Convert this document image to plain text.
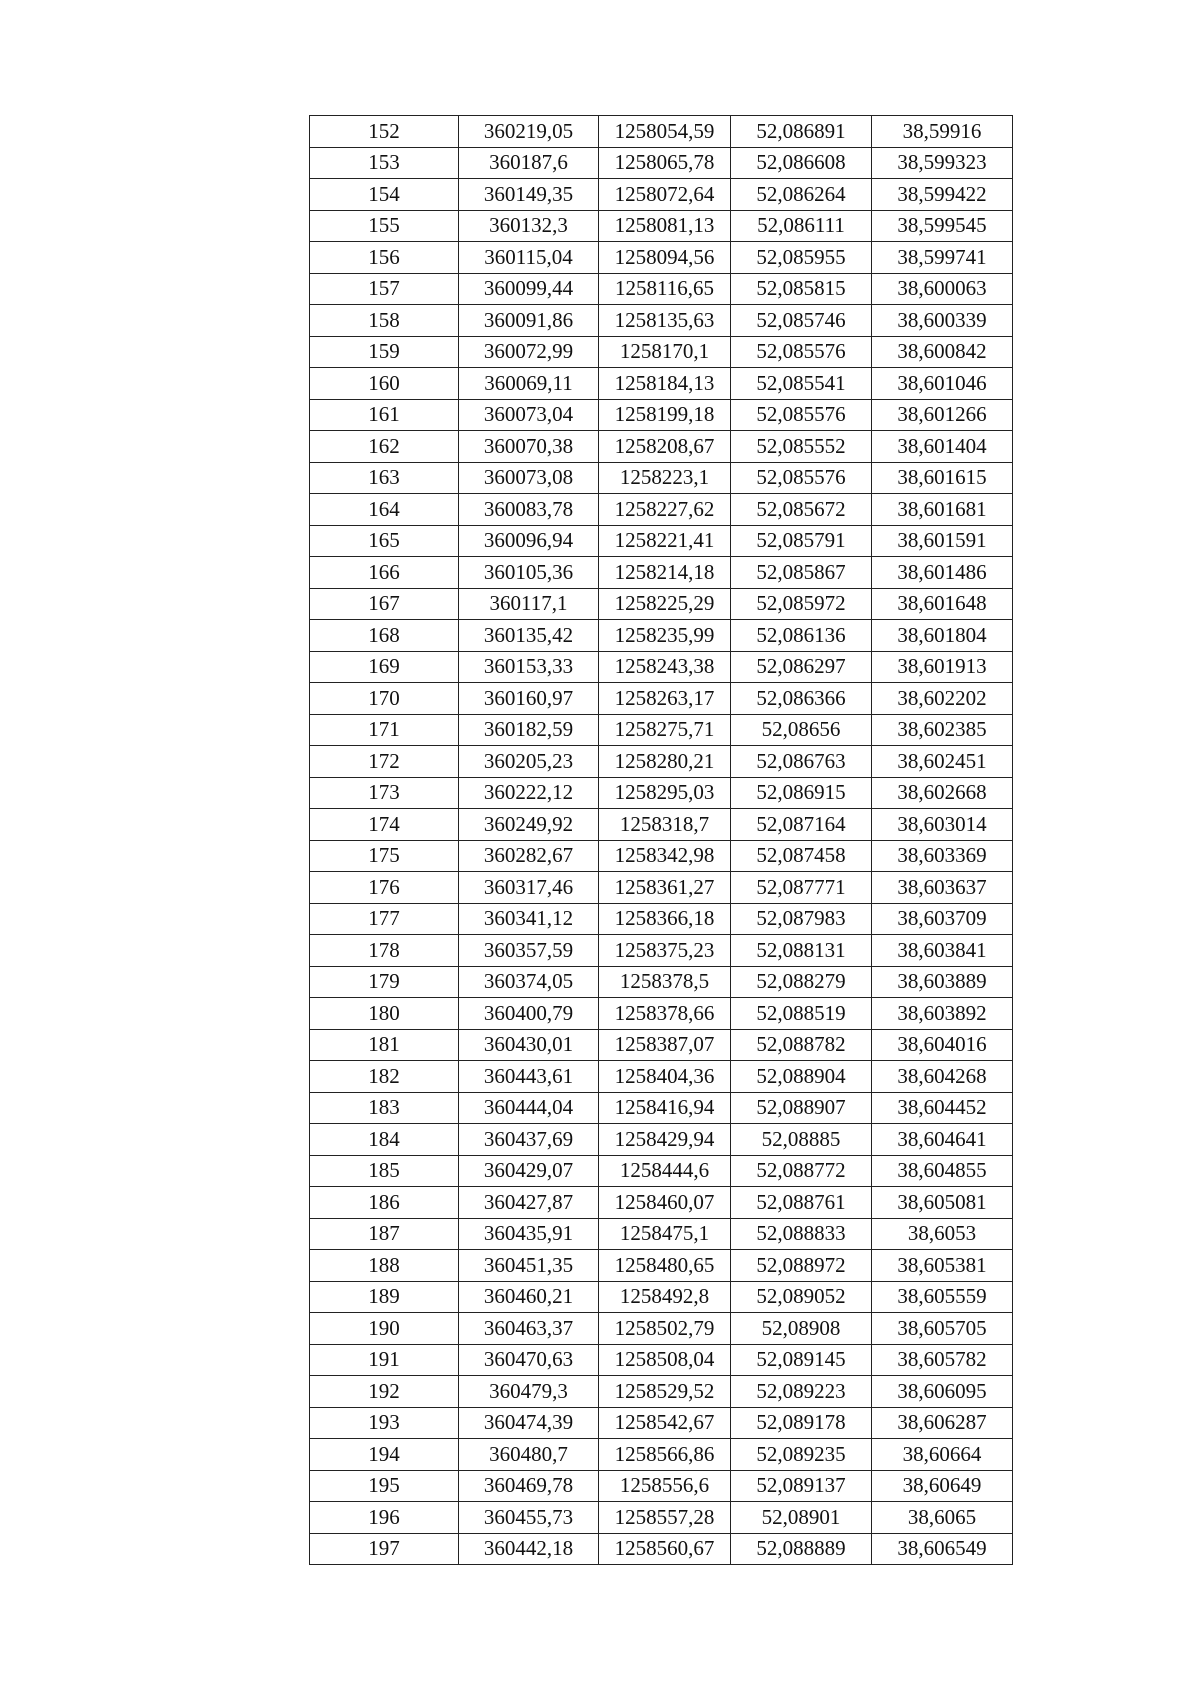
152	360219,05	1258054,59	52,086891	38,59916
153	360187,6	1258065,78	52,086608	38,599323
154	360149,35	1258072,64	52,086264	38,599422
155	360132,3	1258081,13	52,086111	38,599545
156	360115,04	1258094,56	52,085955	38,599741
157	360099,44	1258116,65	52,085815	38,600063
158	360091,86	1258135,63	52,085746	38,600339
159	360072,99	1258170,1	52,085576	38,600842
160	360069,11	1258184,13	52,085541	38,601046
161	360073,04	1258199,18	52,085576	38,601266
162	360070,38	1258208,67	52,085552	38,601404
163	360073,08	1258223,1	52,085576	38,601615
164	360083,78	1258227,62	52,085672	38,601681
165	360096,94	1258221,41	52,085791	38,601591
166	360105,36	1258214,18	52,085867	38,601486
167	360117,1	1258225,29	52,085972	38,601648
168	360135,42	1258235,99	52,086136	38,601804
169	360153,33	1258243,38	52,086297	38,601913
170	360160,97	1258263,17	52,086366	38,602202
171	360182,59	1258275,71	52,08656	38,602385
172	360205,23	1258280,21	52,086763	38,602451
173	360222,12	1258295,03	52,086915	38,602668
174	360249,92	1258318,7	52,087164	38,603014
175	360282,67	1258342,98	52,087458	38,603369
176	360317,46	1258361,27	52,087771	38,603637
177	360341,12	1258366,18	52,087983	38,603709
178	360357,59	1258375,23	52,088131	38,603841
179	360374,05	1258378,5	52,088279	38,603889
180	360400,79	1258378,66	52,088519	38,603892
181	360430,01	1258387,07	52,088782	38,604016
182	360443,61	1258404,36	52,088904	38,604268
183	360444,04	1258416,94	52,088907	38,604452
184	360437,69	1258429,94	52,08885	38,604641
185	360429,07	1258444,6	52,088772	38,604855
186	360427,87	1258460,07	52,088761	38,605081
187	360435,91	1258475,1	52,088833	38,6053
188	360451,35	1258480,65	52,088972	38,605381
189	360460,21	1258492,8	52,089052	38,605559
190	360463,37	1258502,79	52,08908	38,605705
191	360470,63	1258508,04	52,089145	38,605782
192	360479,3	1258529,52	52,089223	38,606095
193	360474,39	1258542,67	52,089178	38,606287
194	360480,7	1258566,86	52,089235	38,60664
195	360469,78	1258556,6	52,089137	38,60649
196	360455,73	1258557,28	52,08901	38,6065
197	360442,18	1258560,67	52,088889	38,606549
